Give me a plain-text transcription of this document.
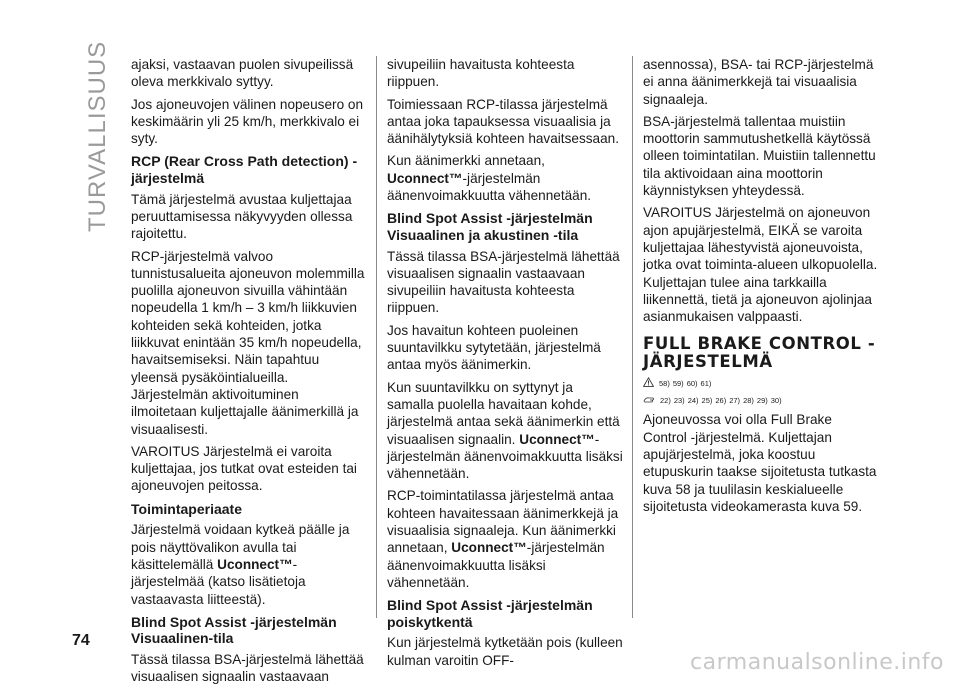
TURVALLISUUS ajaksi, vastaavan puolen sivupeilissä oleva merkkivalo syttyy.

Jos ajoneuvojen välinen nopeusero on keskimäärin yli 25 km/h, merkkivalo ei syty.

RCP (Rear Cross Path detection) -järjestelmä

Tämä järjestelmä avustaa kuljettajaa peruuttamisessa näkyvyyden ollessa rajoitettu.

RCP-järjestelmä valvoo tunnistusalueita ajoneuvon molemmilla puolilla ajoneuvon sivuilla vähintään nopeudella 1 km/h – 3 km/h liikkuvien kohteiden sekä kohteiden, jotka liikkuvat enintään 35 km/h nopeudella, havaitsemiseksi. Näin tapahtuu yleensä pysäköintialueilla. Järjestelmän aktivoituminen ilmoitetaan kuljettajalle äänimerkillä ja visuaalisesti.

VAROITUS Järjestelmä ei varoita kuljettajaa, jos tutkat ovat esteiden tai ajoneuvojen peitossa.

Toimintaperiaate

Järjestelmä voidaan kytkeä päälle ja pois näyttövalikon avulla tai käsittelemällä Uconnect™-järjestelmää (katso lisätietoja vastaavasta liitteestä).

Blind Spot Assist -järjestelmän Visuaalinen-tila

Tässä tilassa BSA-järjestelmä lähettää visuaalisen signaalin vastaavaan

sivupeiliin havaitusta kohteesta riippuen.

Toimiessaan RCP-tilassa järjestelmä antaa joka tapauksessa visuaalisia ja äänihälytyksiä kohteen havaitsessaan.

Kun äänimerkki annetaan, Uconnect™-järjestelmän äänenvoimakkuutta vähennetään.

Blind Spot Assist -järjestelmän Visuaalinen ja akustinen -tila

Tässä tilassa BSA-järjestelmä lähettää visuaalisen signaalin vastaavaan sivupeiliin havaitusta kohteesta riippuen.

Jos havaitun kohteen puoleinen suuntavilkku sytytetään, järjestelmä antaa myös äänimerkin.

Kun suuntavilkku on syttynyt ja samalla puolella havaitaan kohde, järjestelmä antaa sekä äänimerkin että visuaalisen signaalin. Uconnect™-järjestelmän äänenvoimakkuutta lisäksi vähennetään.

RCP-toimintatilassa järjestelmä antaa kohteen havaitessaan äänimerkkejä ja visuaalisia signaaleja. Kun äänimerkki annetaan, Uconnect™-järjestelmän äänenvoimakkuutta lisäksi vähennetään.

Blind Spot Assist -järjestelmän poiskytkentä

Kun järjestelmä kytketään pois (kulleen kulman varoitin OFF-

asennossa), BSA- tai RCP-järjestelmä ei anna äänimerkkejä tai visuaalisia signaaleja.

BSA-järjestelmä tallentaa muistiin moottorin sammutushetkellä käytössä olleen toimintatilan. Muistiin tallennettu tila aktivoidaan aina moottorin käynnistyksen yhteydessä.

VAROITUS Järjestelmä on ajoneuvon ajon apujärjestelmä, EIKÄ se varoita kuljettajaa lähestyvistä ajoneuvoista, jotka ovat toiminta-alueen ulkopuolella. Kuljettajan tulee aina tarkkailla liikennettä, tietä ja ajoneuvon ajolinjaa asianmukaisen valppaasti.

FULL BRAKE CONTROL -JÄRJESTELMÄ
58) 59) 60) 61)
22) 23) 24) 25) 26) 27) 28) 29) 30)

Ajoneuvossa voi olla Full Brake Control -järjestelmä. Kuljettajan apujärjestelmä, joka koostuu etupuskurin taakse sijoitetusta tutkasta kuva 58 ja tuulilasin keskialueelle sijoitetusta videokamerasta kuva 59.

74
carmanualsonline.info
